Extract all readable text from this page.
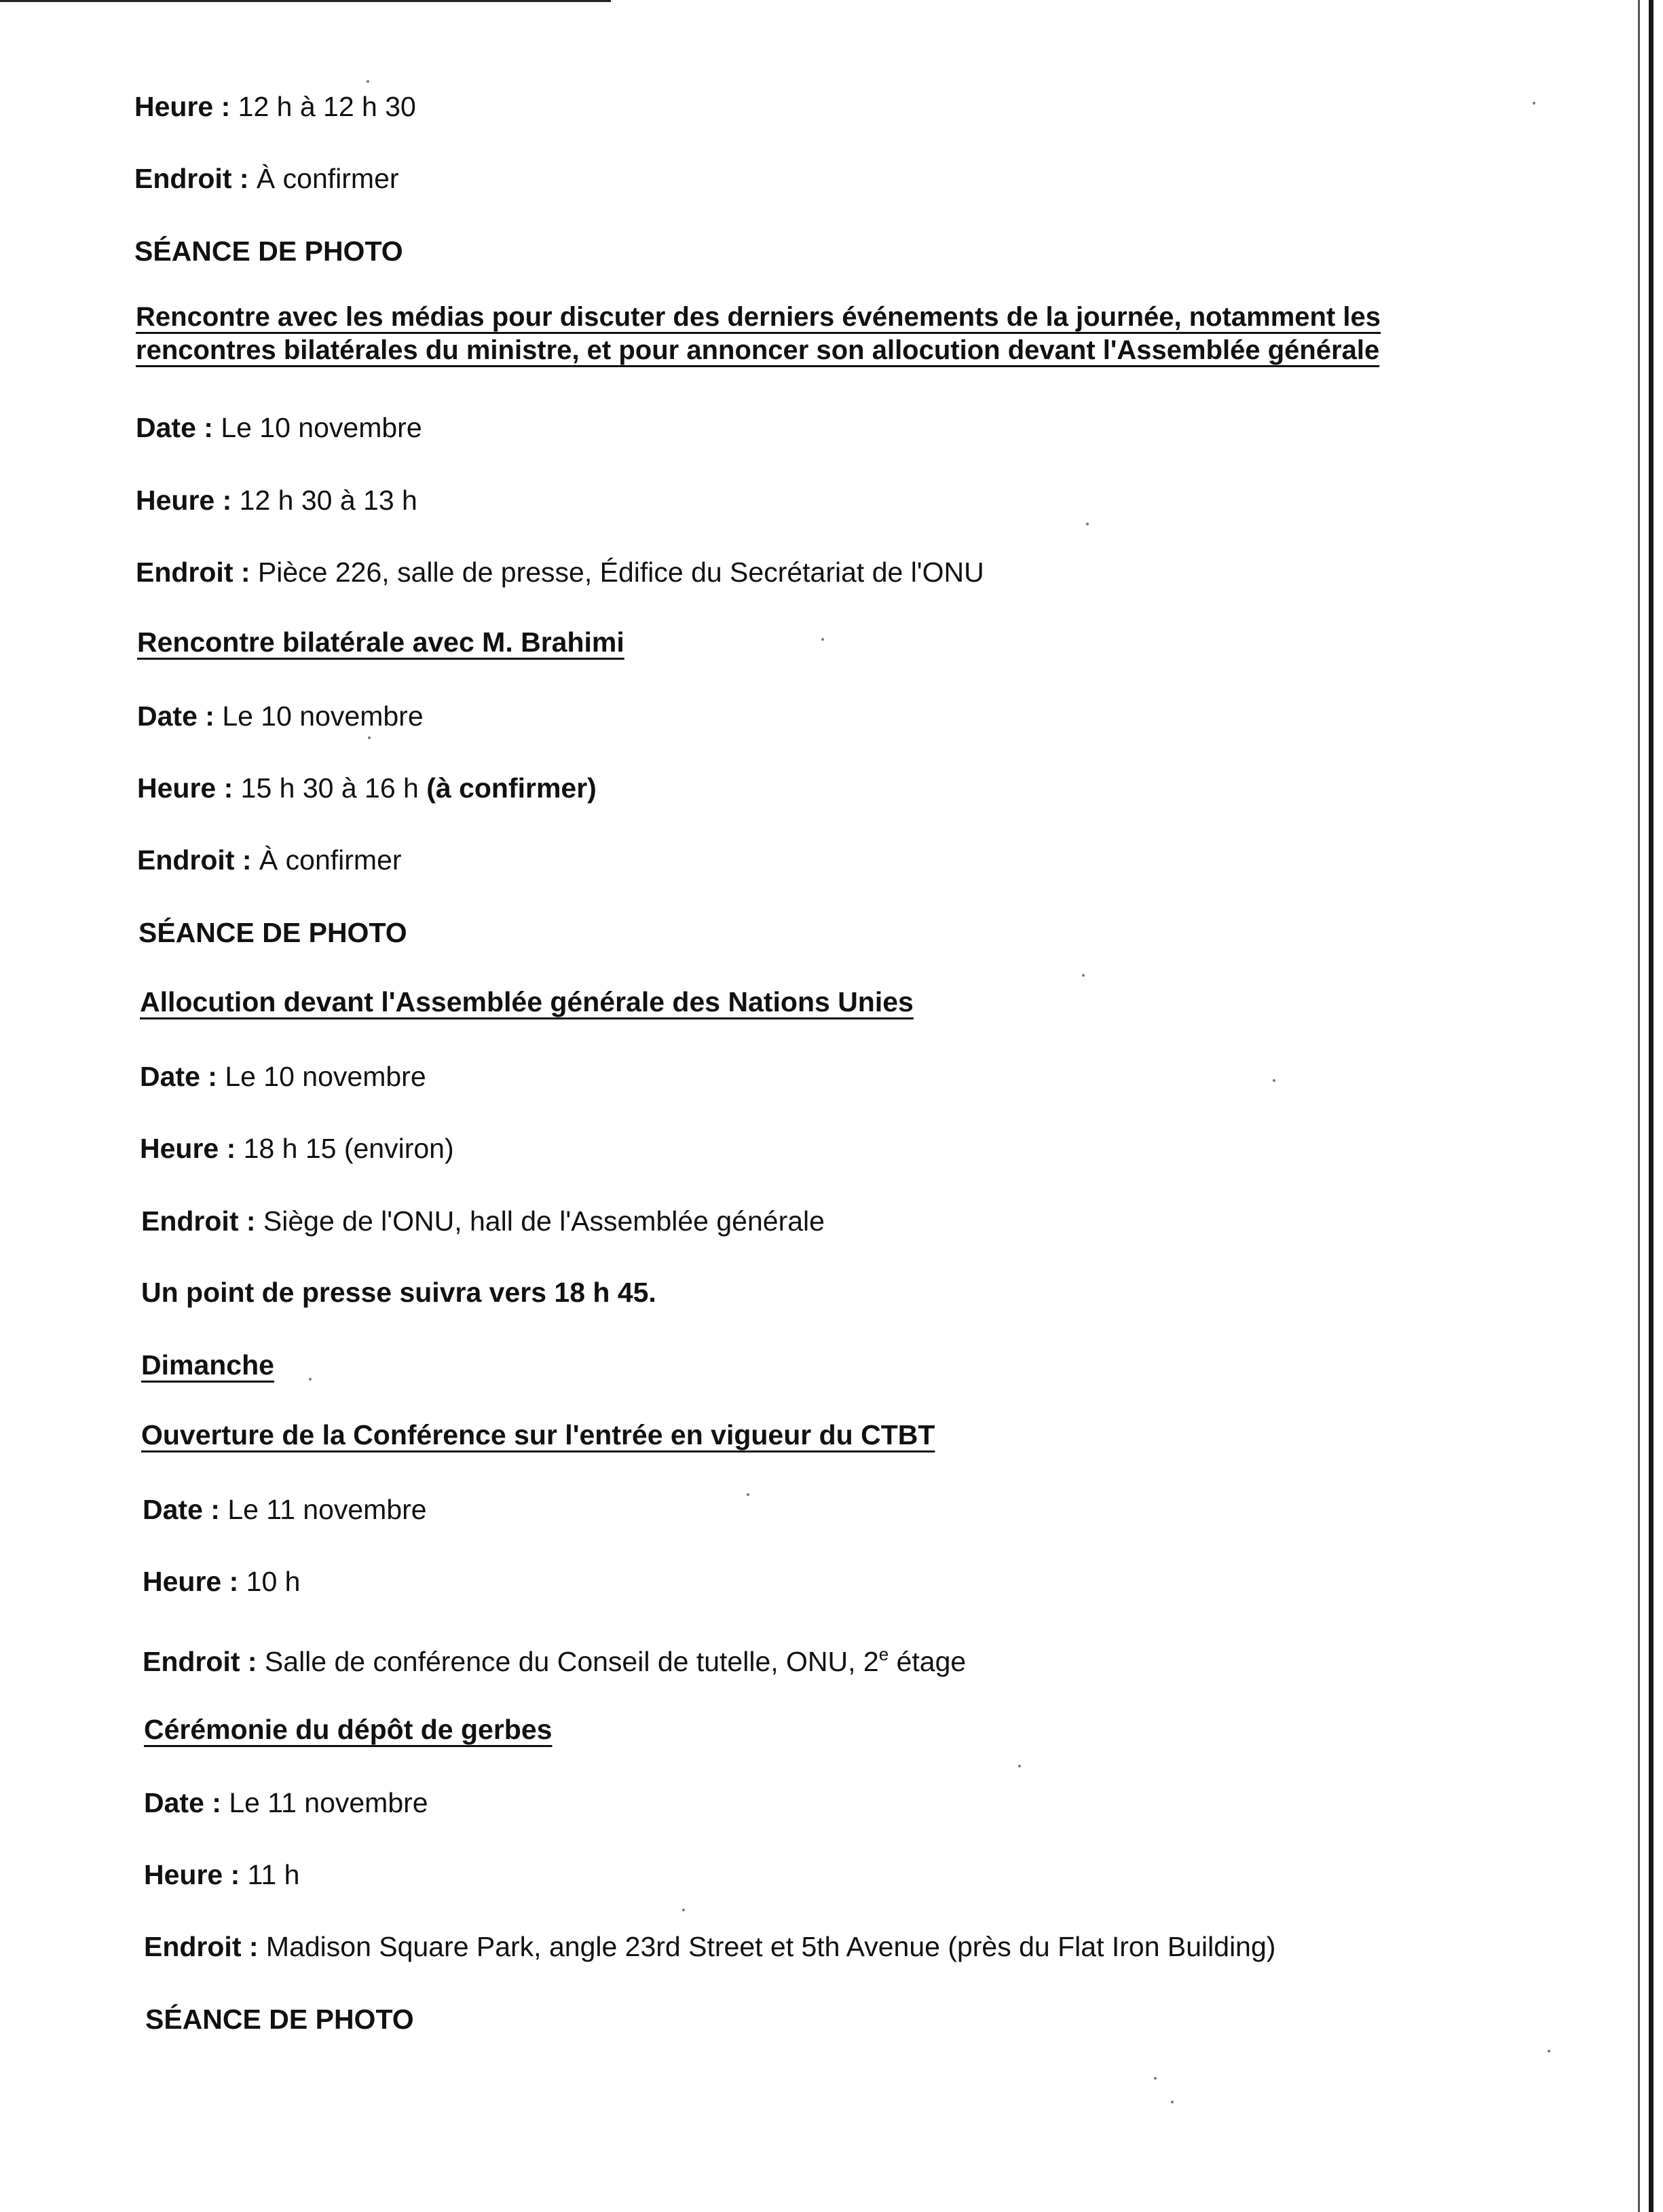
Heure : 12 h à 12 h 30
Endroit : À confirmer
SÉANCE DE PHOTO
Rencontre avec les médias pour discuter des derniers événements de la journée, notamment les
rencontres bilatérales du ministre, et pour annoncer son allocution devant l'Assemblée générale
Date : Le 10 novembre
Heure : 12 h 30 à 13 h
Endroit : Pièce 226, salle de presse, Édifice du Secrétariat de l'ONU
Rencontre bilatérale avec M. Brahimi
Date : Le 10 novembre
Heure : 15 h 30 à 16 h (à confirmer)
Endroit : À confirmer
SÉANCE DE PHOTO
Allocution devant l'Assemblée générale des Nations Unies
Date : Le 10 novembre
Heure : 18 h 15 (environ)
Endroit : Siège de l'ONU, hall de l'Assemblée générale
Un point de presse suivra vers 18 h 45.
Dimanche
Ouverture de la Conférence sur l'entrée en vigueur du CTBT
Date : Le 11 novembre
Heure : 10 h
Endroit : Salle de conférence du Conseil de tutelle, ONU, 2e étage
Cérémonie du dépôt de gerbes
Date : Le 11 novembre
Heure : 11 h
Endroit : Madison Square Park, angle 23rd Street et 5th Avenue (près du Flat Iron Building)
SÉANCE DE PHOTO
